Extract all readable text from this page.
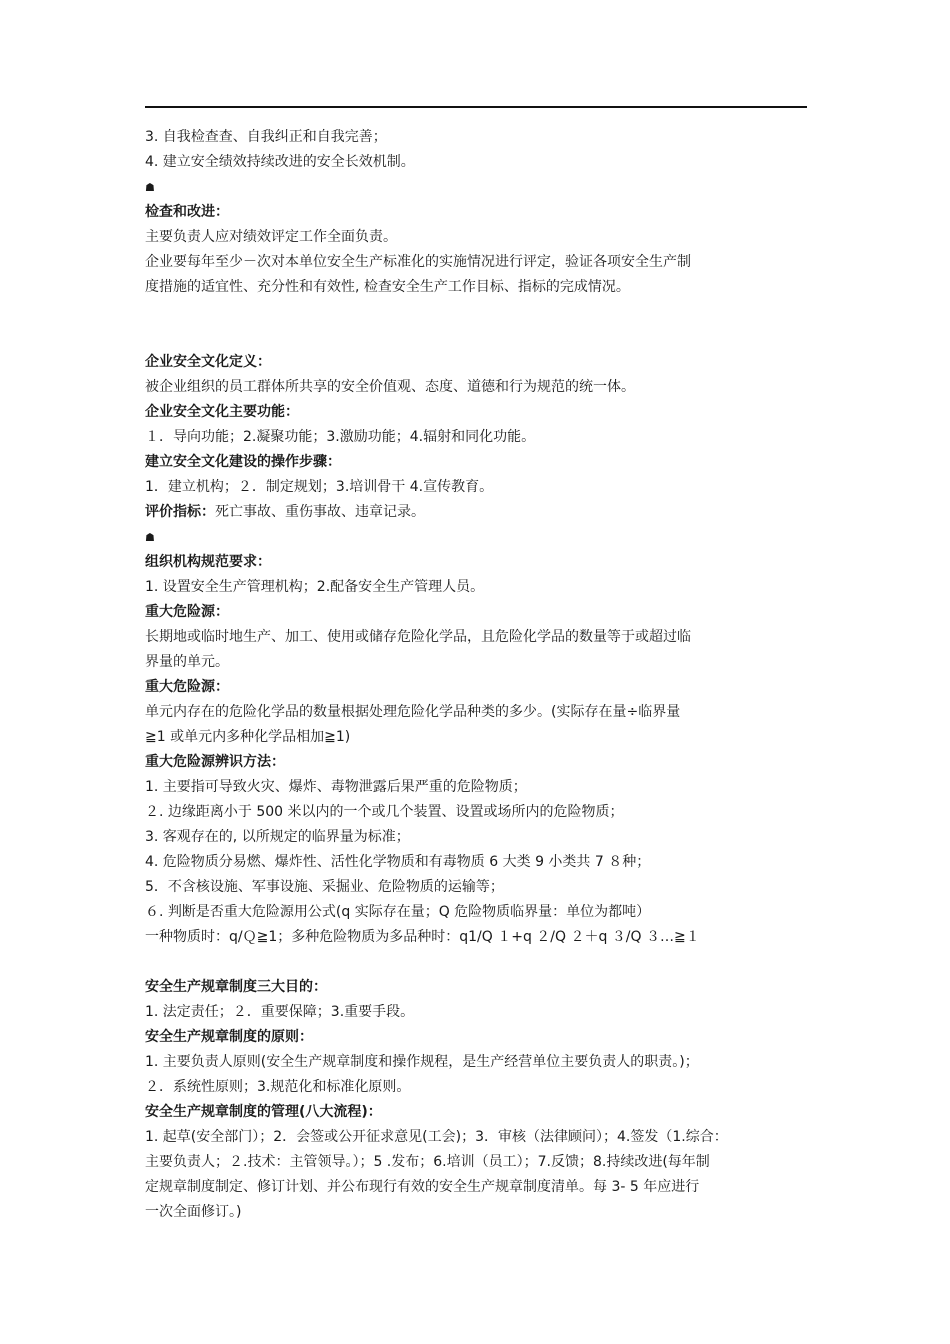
3. 自我检查查、自我纠正和自我完善；

4. 建立安全绩效持续改进的安全长效机制。

☗

检查和改进：

主要负责人应对绩效评定工作全面负责。

企业要每年至少－次对本单位安全生产标准化的实施情况进行评定，验证各项安全生产制

度措施的适宜性、充分性和有效性, 检查安全生产工作目标、指标的完成情况。

企业安全文化定义：

被企业组织的员工群体所共享的安全价值观、态度、道德和行为规范的统一体。

企业安全文化主要功能：

１．导向功能；2.凝聚功能；3.激励功能；4.辐射和同化功能。

建立安全文化建设的操作步骤：

1．建立机构；２．制定规划；3.培训骨干 4.宣传教育。

评价指标：死亡事故、重伤事故、违章记录。

☗

组织机构规范要求：

1. 设置安全生产管理机构；2.配备安全生产管理人员。

重大危险源：

长期地或临时地生产、加工、使用或储存危险化学品，且危险化学品的数量等于或超过临

界量的单元。

重大危险源：

单元内存在的危险化学品的数量根据处理危险化学品种类的多少。(实际存在量÷临界量

≧1 或单元内多种化学品相加≧1)

重大危险源辨识方法：

1. 主要指可导致火灾、爆炸、毒物泄露后果严重的危险物质；

２. 边缘距离小于 500 米以内的一个或几个装置、设置或场所内的危险物质；

3. 客观存在的, 以所规定的临界量为标准；

4. 危险物质分易燃、爆炸性、活性化学物质和有毒物质 6 大类 9 小类共 7 ８种；

5．不含核设施、军事设施、采掘业、危险物质的运输等；

６. 判断是否重大危险源用公式(q 实际存在量；Q 危险物质临界量：单位为都吨）

一种物质时：q/Ｑ≧1；多种危险物质为多品种时：q1/Q １+q ２/Q ２＋q ３/Q ３…≧１

安全生产规章制度三大目的：

1. 法定责任；２．重要保障；3.重要手段。

安全生产规章制度的原则：

1. 主要负责人原则(安全生产规章制度和操作规程，是生产经营单位主要负责人的职责。)；

２．系统性原则；3.规范化和标准化原则。

安全生产规章制度的管理(八大流程)：

1. 起草(安全部门）；2．会签或公开征求意见(工会)；3．审核（法律顾问）；4.签发（1.综合：

主要负责人；２.技术：主管领导。）；5 .发布；6.培训（员工）；7.反馈；8.持续改进(每年制

定规章制度制定、修订计划、并公布现行有效的安全生产规章制度清单。每 3- 5 年应进行

一次全面修订。)
